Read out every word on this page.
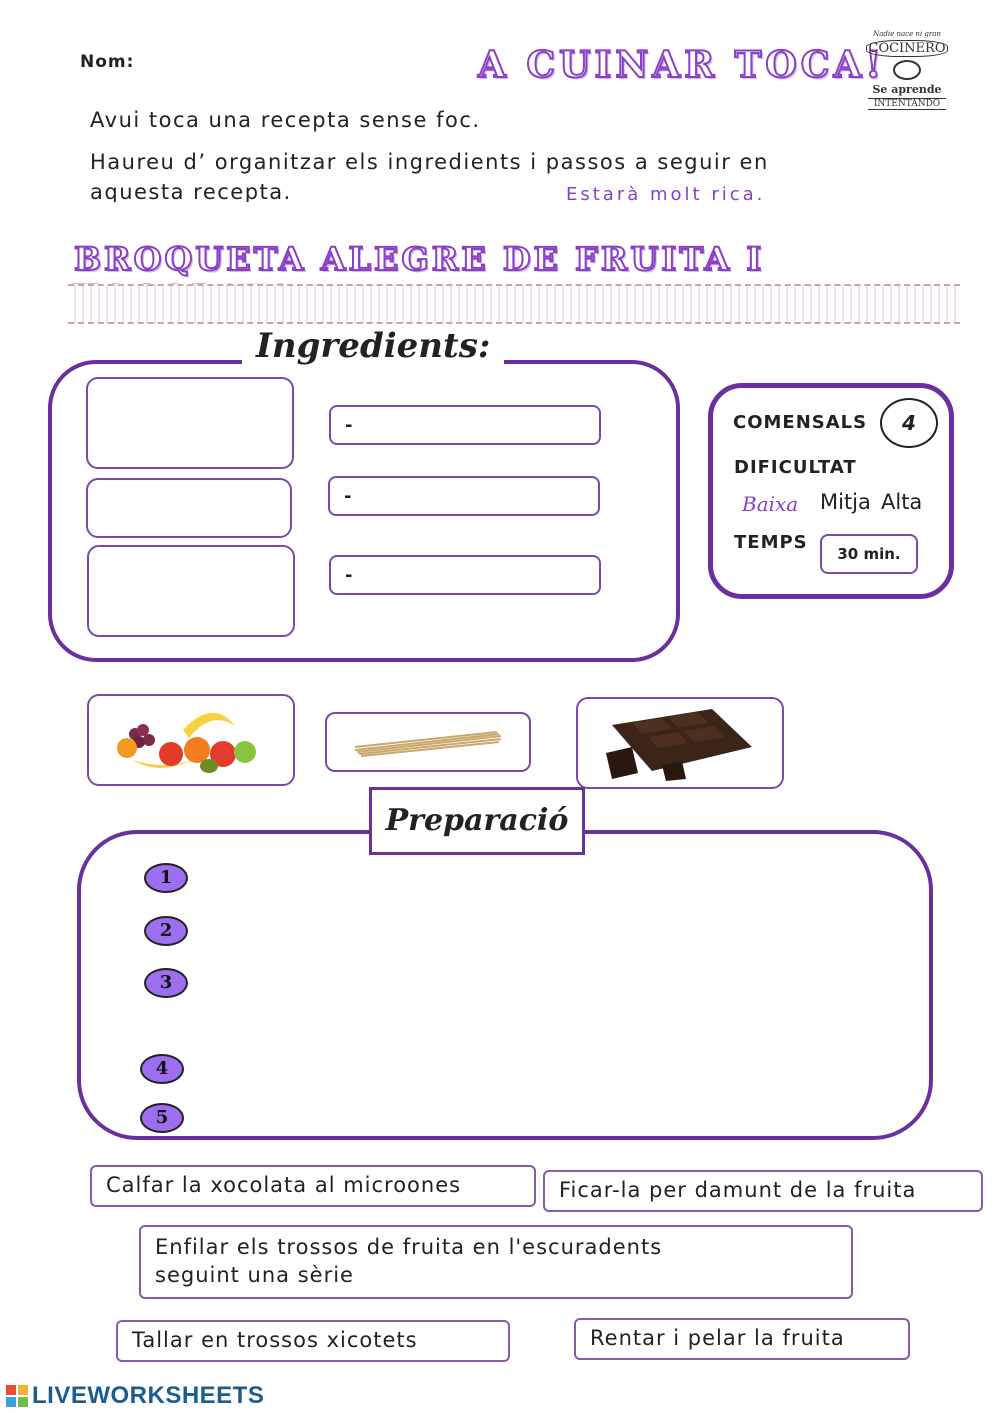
Nom:	A CUINAR TOCA!
Nadie nace ni gran
COCINERO
Se aprende
INTENTANDO
Avui toca una recepta sense foc.
Haureu d’ organitzar els ingredients i passos a seguir en
aquesta recepta.	Estarà molt rica.
BROQUETA ALEGRE DE FRUITA I
Ingredients:
-
-
-
COMENSALS	4
DIFICULTAT
Baixa Mitja Alta
TEMPS
30 min.
Preparació
1
2
3
4
5
Calfar la xocolata al microones	Ficar-la per damunt de la fruita
Enfilar els trossos de fruita en l'escuradents
seguint una sèrie
Tallar en trossos xicotets	Rentar i pelar la fruita
LIVEWORKSHEETS
